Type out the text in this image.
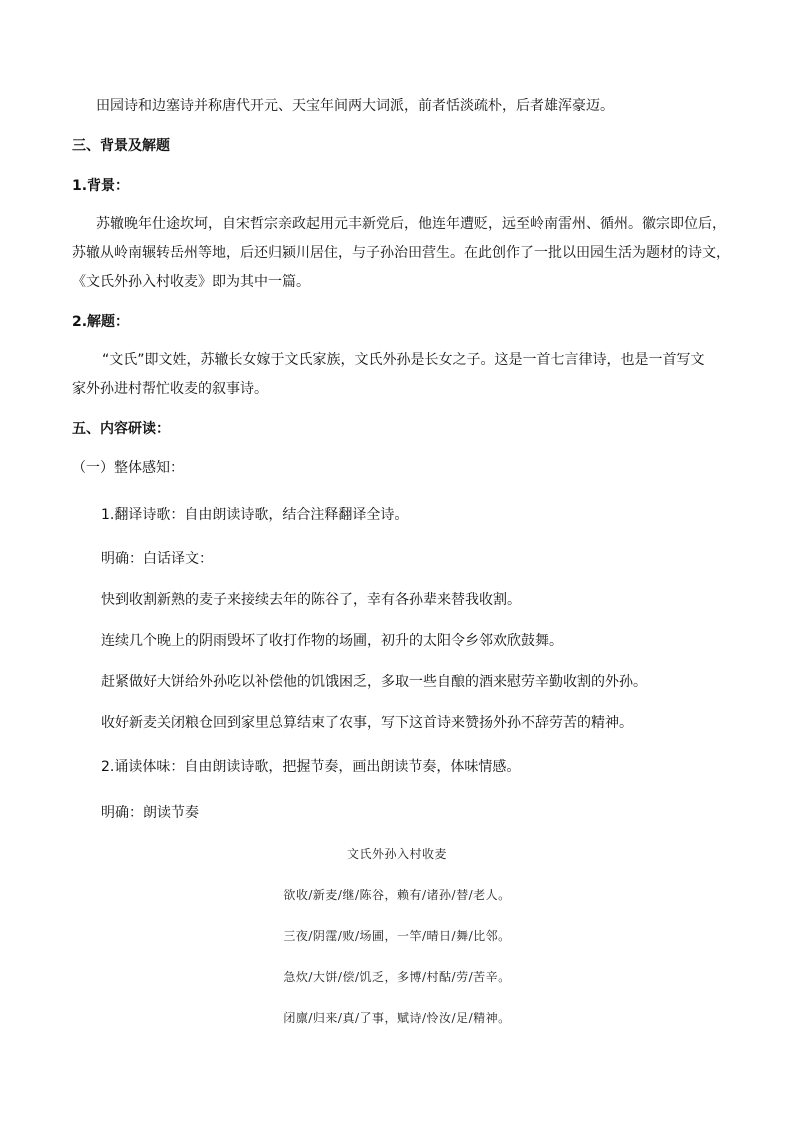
田园诗和边塞诗并称唐代开元、天宝年间两大词派，前者恬淡疏朴，后者雄浑豪迈。
三、背景及解题
1.背景：
苏辙晚年仕途坎坷，自宋哲宗亲政起用元丰新党后，他连年遭贬，远至岭南雷州、循州。徽宗即位后，
苏辙从岭南辗转岳州等地，后还归颍川居住，与子孙治田营生。在此创作了一批以田园生活为题材的诗文，
《文氏外孙入村收麦》即为其中一篇。
2.解题：
“文氏”即文姓，苏辙长女嫁于文氏家族，文氏外孙是长女之子。这是一首七言律诗，也是一首写文
家外孙进村帮忙收麦的叙事诗。
五、内容研读：
（一）整体感知：
1.翻译诗歌：自由朗读诗歌，结合注释翻译全诗。
明确：白话译文：
快到收割新熟的麦子来接续去年的陈谷了，幸有各孙辈来替我收割。
连续几个晚上的阴雨毁坏了收打作物的场圃，初升的太阳令乡邻欢欣鼓舞。
赶紧做好大饼给外孙吃以补偿他的饥饿困乏，多取一些自酿的酒来慰劳辛勤收割的外孙。
收好新麦关闭粮仓回到家里总算结束了农事，写下这首诗来赞扬外孙不辞劳苦的精神。
2.诵读体味：自由朗读诗歌，把握节奏，画出朗读节奏，体味情感。
明确：朗读节奏
文氏外孙入村收麦
欲收/新麦/继/陈谷，赖有/诸孙/替/老人。
三夜/阴霪/败/场圃，一竿/晴日/舞/比邻。
急炊/大饼/偿/饥乏，多博/村酤/劳/苦辛。
闭廪/归来/真/了事，赋诗/怜汝/足/精神。
